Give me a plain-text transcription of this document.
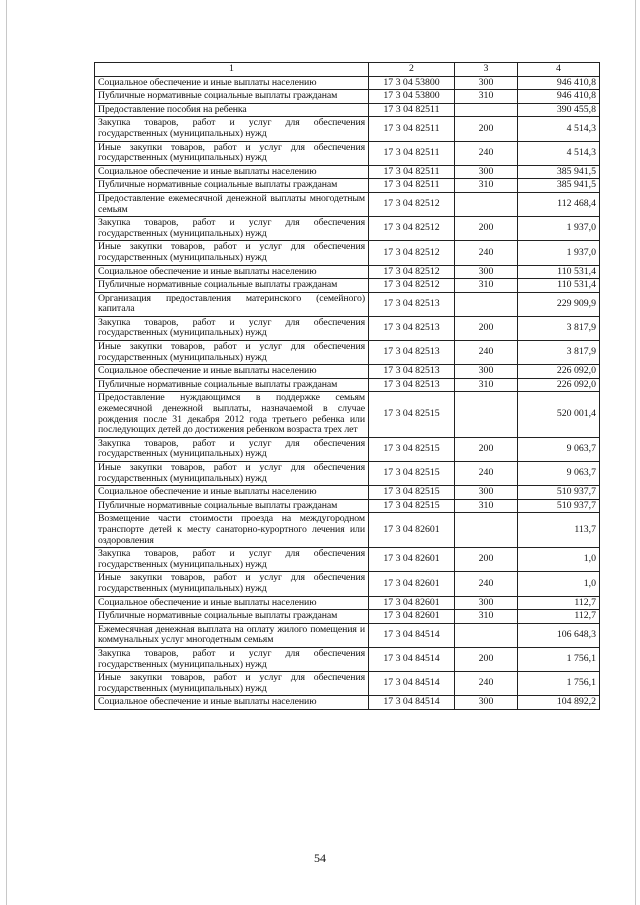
1	2	3	4
Социальное обеспечение и иные выплаты населению	17 3 04 53800	300	946 410,8
Публичные нормативные социальные выплаты гражданам	17 3 04 53800	310	946 410,8
Предоставление пособия на ребенка	17 3 04 82511		390 455,8
Закупка товаров, работ и услуг для обеспечения государственных (муниципальных) нужд	17 3 04 82511	200	4 514,3
Иные закупки товаров, работ и услуг для обеспечения государственных (муниципальных) нужд	17 3 04 82511	240	4 514,3
Социальное обеспечение и иные выплаты населению	17 3 04 82511	300	385 941,5
Публичные нормативные социальные выплаты гражданам	17 3 04 82511	310	385 941,5
Предоставление ежемесячной денежной выплаты многодетным семьям	17 3 04 82512		112 468,4
Закупка товаров, работ и услуг для обеспечения государственных (муниципальных) нужд	17 3 04 82512	200	1 937,0
Иные закупки товаров, работ и услуг для обеспечения государственных (муниципальных) нужд	17 3 04 82512	240	1 937,0
Социальное обеспечение и иные выплаты населению	17 3 04 82512	300	110 531,4
Публичные нормативные социальные выплаты гражданам	17 3 04 82512	310	110 531,4
Организация предоставления материнского (семейного) капитала	17 3 04 82513		229 909,9
Закупка товаров, работ и услуг для обеспечения государственных (муниципальных) нужд	17 3 04 82513	200	3 817,9
Иные закупки товаров, работ и услуг для обеспечения государственных (муниципальных) нужд	17 3 04 82513	240	3 817,9
Социальное обеспечение и иные выплаты населению	17 3 04 82513	300	226 092,0
Публичные нормативные социальные выплаты гражданам	17 3 04 82513	310	226 092,0
Предоставление нуждающимся в поддержке семьям ежемесячной денежной выплаты, назначаемой в случае рождения после 31 декабря 2012 года третьего ребенка или последующих детей до достижения ребенком возраста трех лет	17 3 04 82515		520 001,4
Закупка товаров, работ и услуг для обеспечения государственных (муниципальных) нужд	17 3 04 82515	200	9 063,7
Иные закупки товаров, работ и услуг для обеспечения государственных (муниципальных) нужд	17 3 04 82515	240	9 063,7
Социальное обеспечение и иные выплаты населению	17 3 04 82515	300	510 937,7
Публичные нормативные социальные выплаты гражданам	17 3 04 82515	310	510 937,7
Возмещение части стоимости проезда на междугородном транспорте детей к месту санаторно-курортного лечения или оздоровления	17 3 04 82601		113,7
Закупка товаров, работ и услуг для обеспечения государственных (муниципальных) нужд	17 3 04 82601	200	1,0
Иные закупки товаров, работ и услуг для обеспечения государственных (муниципальных) нужд	17 3 04 82601	240	1,0
Социальное обеспечение и иные выплаты населению	17 3 04 82601	300	112,7
Публичные нормативные социальные выплаты гражданам	17 3 04 82601	310	112,7
Ежемесячная денежная выплата на оплату жилого помещения и коммунальных услуг многодетным семьям	17 3 04 84514		106 648,3
Закупка товаров, работ и услуг для обеспечения государственных (муниципальных) нужд	17 3 04 84514	200	1 756,1
Иные закупки товаров, работ и услуг для обеспечения государственных (муниципальных) нужд	17 3 04 84514	240	1 756,1
Социальное обеспечение и иные выплаты населению	17 3 04 84514	300	104 892,2
54
